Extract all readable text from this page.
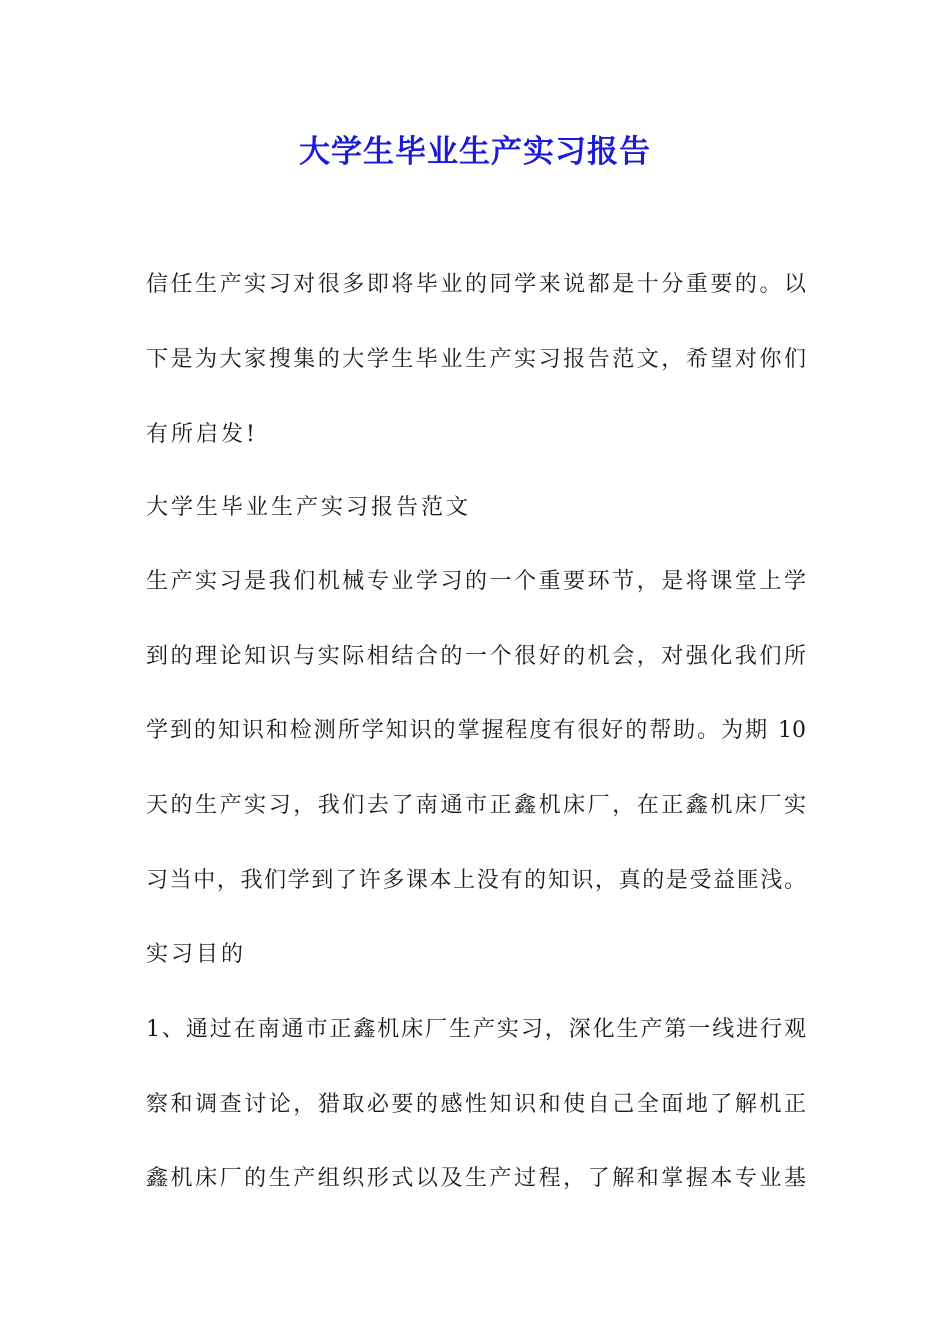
大学生毕业生产实习报告
信任生产实习对很多即将毕业的同学来说都是十分重要的。以
下是为大家搜集的大学生毕业生产实习报告范文，希望对你们
有所启发!
大学生毕业生产实习报告范文
生产实习是我们机械专业学习的一个重要环节，是将课堂上学
到的理论知识与实际相结合的一个很好的机会，对强化我们所
学到的知识和检测所学知识的掌握程度有很好的帮助。为期 10
天的生产实习，我们去了南通市正鑫机床厂，在正鑫机床厂实
习当中，我们学到了许多课本上没有的知识，真的是受益匪浅。
实习目的
1、通过在南通市正鑫机床厂生产实习，深化生产第一线进行观
察和调查讨论，猎取必要的感性知识和使自己全面地了解机正
鑫机床厂的生产组织形式以及生产过程，了解和掌握本专业基
